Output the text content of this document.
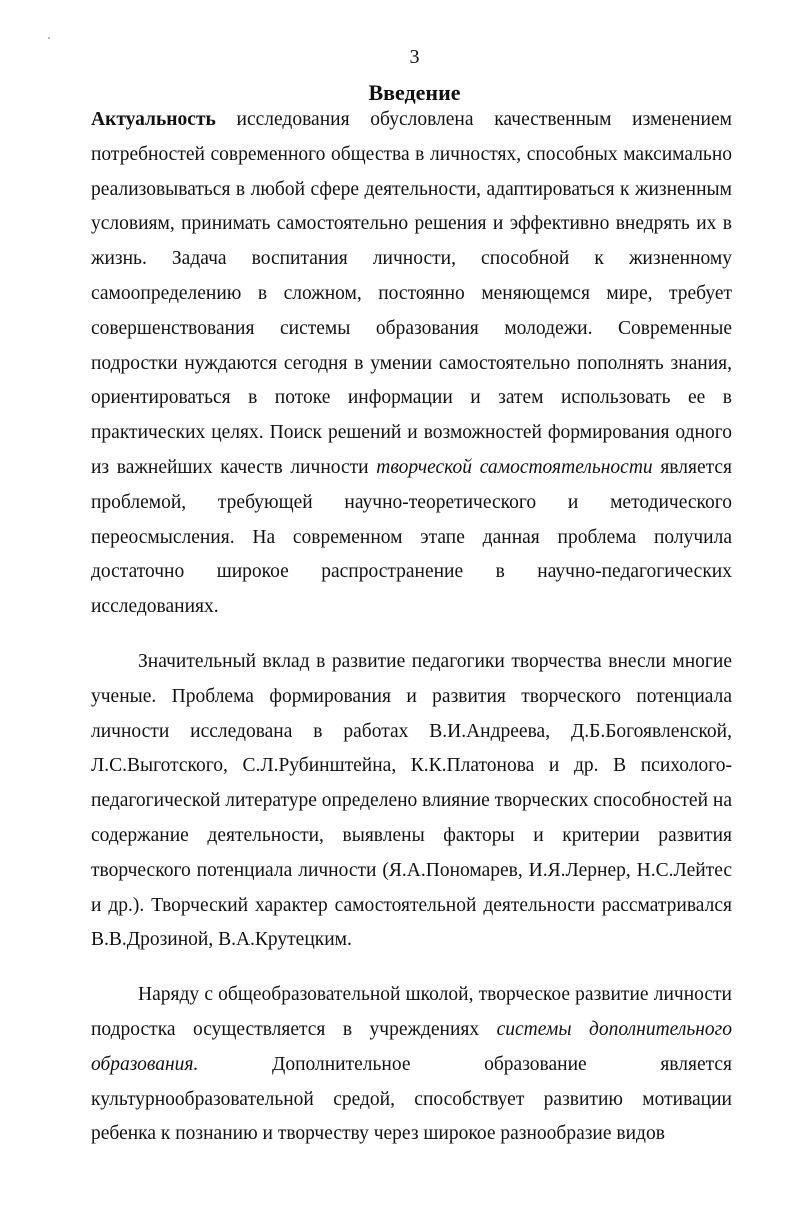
3
Введение

Актуальность исследования обусловлена качественным изменением потребностей современного общества в личностях, способных максимально реализовываться в любой сфере деятельности, адаптироваться к жизненным условиям, принимать самостоятельно решения и эффективно внедрять их в жизнь. Задача воспитания личности, способной к жизненному самоопределению в сложном, постоянно меняющемся мире, требует совершенствования системы образования молодежи. Современные подростки нуждаются сегодня в умении самостоятельно пополнять знания, ориентироваться в потоке информации и затем использовать ее в практических целях. Поиск решений и возможностей формирования одного из важнейших качеств личности творческой самостоятельности является проблемой, требующей научно-теоретического и методического переосмысления. На современном этапе данная проблема получила достаточно широкое распространение в научно-педагогических исследованиях.

Значительный вклад в развитие педагогики творчества внесли многие ученые. Проблема формирования и развития творческого потенциала личности исследована в работах В.И.Андреева, Д.Б.Богоявленской, Л.С.Выготского, С.Л.Рубинштейна, К.К.Платонова и др. В психолого-педагогической литературе определено влияние творческих способностей на содержание деятельности, выявлены факторы и критерии развития творческого потенциала личности (Я.А.Пономарев, И.Я.Лернер, Н.С.Лейтес и др.). Творческий характер самостоятельной деятельности рассматривался В.В.Дрозиной, В.А.Крутецким.

Наряду с общеобразовательной школой, творческое развитие личности подростка осуществляется в учреждениях системы дополнительного образования. Дополнительное образование является культурнообразовательной средой, способствует развитию мотивации ребенка к познанию и творчеству через широкое разнообразие видов
